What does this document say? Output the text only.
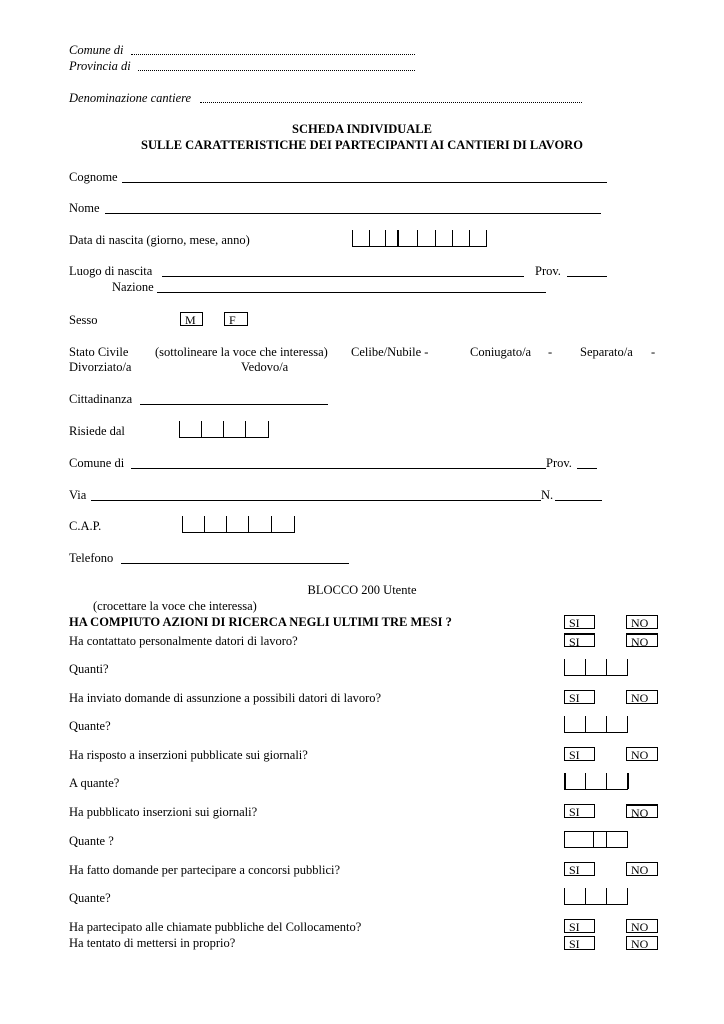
Comune di
Provincia di
Denominazione cantiere
SCHEDA INDIVIDUALE
SULLE CARATTERISTICHE DEI PARTECIPANTI AI CANTIERI DI LAVORO
Cognome
Nome
Data di nascita (giorno, mese, anno)
Luogo di nascita	Prov.
Nazione
Sesso	M	F
Stato Civile (sottolineare la voce che interessa) Celibe/Nubile -	Coniugato/a - Separato/a -
Divorziato/a	Vedovo/a
Cittadinanza
Risiede dal
Comune di	Prov.
Via	N.
C.A.P.
Telefono
BLOCCO 200 Utente
(crocettare la voce che interessa)
HA COMPIUTO AZIONI DI RICERCA NEGLI ULTIMI TRE MESI ?	SI	NO
Ha contattato personalmente datori di lavoro?	SI	NO
Quanti?
Ha inviato domande di assunzione a possibili datori di lavoro?	SI	NO
Quante?
Ha risposto a inserzioni pubblicate sui giornali?	SI	NO
A quante?
Ha pubblicato inserzioni sui giornali?	SI	NO
Quante ?
Ha fatto domande per partecipare a concorsi pubblici?	SI	NO
Quante?
Ha partecipato alle chiamate pubbliche del Collocamento?	SI	NO
Ha tentato di mettersi in proprio?	SI	NO
